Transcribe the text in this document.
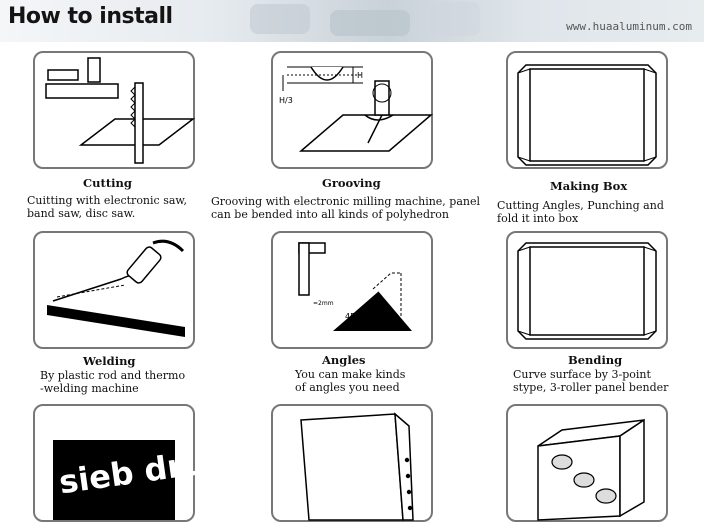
How to install	www.huaaluminum.com
Cutting
Cuitting with electronic saw,
band saw, disc saw.
H
H/3
Grooving
Grooving with electronic milling machine, panel
can be bended into all kinds of polyhedron
Making Box
Cutting Angles, Punching and
fold it into box
Welding
By plastic rod and thermo
-welding machine
=2mm
45°
Angles
You can make kinds
of angles you need
Bending
Curve surface by 3-point
stype, 3-roller panel bender
sieb druc
